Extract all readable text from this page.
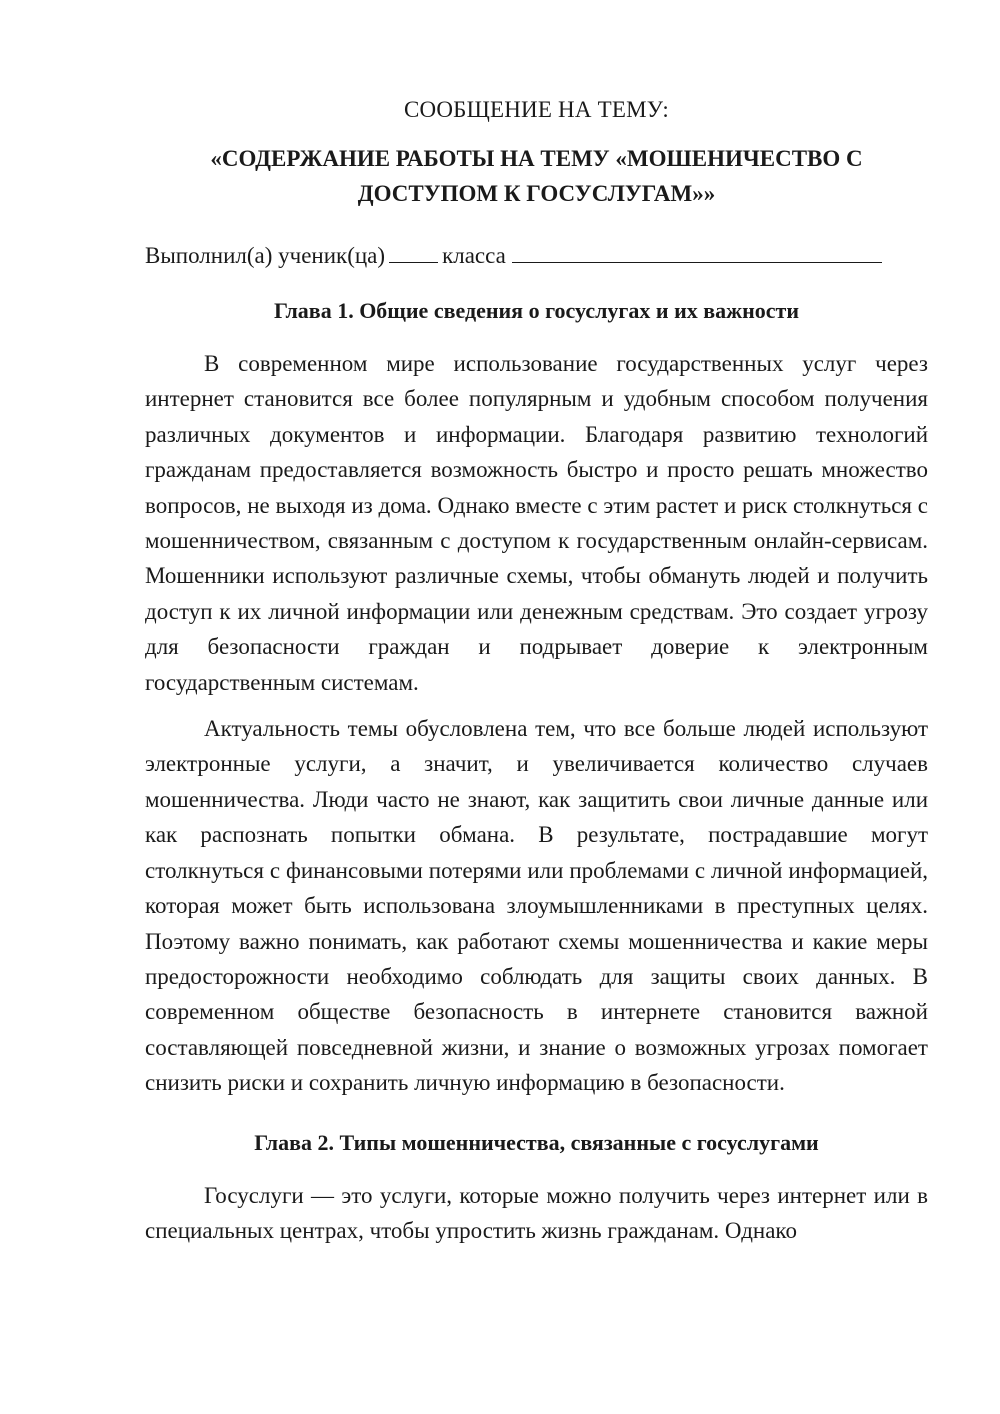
СООБЩЕНИЕ НА ТЕМУ:

«СОДЕРЖАНИЕ РАБОТЫ НА ТЕМУ «МОШЕНИЧЕСТВО С
ДОСТУПОМ К ГОСУСЛУГАМ»»
Выполнил(а) ученик(ца) класса

Глава 1. Общие сведения о госуслугах и их важности

В современном мире использование государственных услуг через интернет становится все более популярным и удобным способом получения различных документов и информации. Благодаря развитию технологий гражданам предоставляется возможность быстро и просто решать множество вопросов, не выходя из дома. Однако вместе с этим растет и риск столкнуться с мошенничеством, связанным с доступом к государственным онлайн-сервисам. Мошенники используют различные схемы, чтобы обмануть людей и получить доступ к их личной информации или денежным средствам. Это создает угрозу для безопасности граждан и подрывает доверие к электронным государственным системам.

Актуальность темы обусловлена тем, что все больше людей используют электронные услуги, а значит, и увеличивается количество случаев мошенничества. Люди часто не знают, как защитить свои личные данные или как распознать попытки обмана. В результате, пострадавшие могут столкнуться с финансовыми потерями или проблемами с личной информацией, которая может быть использована злоумышленниками в преступных целях. Поэтому важно понимать, как работают схемы мошенничества и какие меры предосторожности необходимо соблюдать для защиты своих данных. В современном обществе безопасность в интернете становится важной составляющей повседневной жизни, и знание о возможных угрозах помогает снизить риски и сохранить личную информацию в безопасности.

Глава 2. Типы мошенничества, связанные с госуслугами

Госуслуги — это услуги, которые можно получить через интернет или в специальных центрах, чтобы упростить жизнь гражданам. Однако
